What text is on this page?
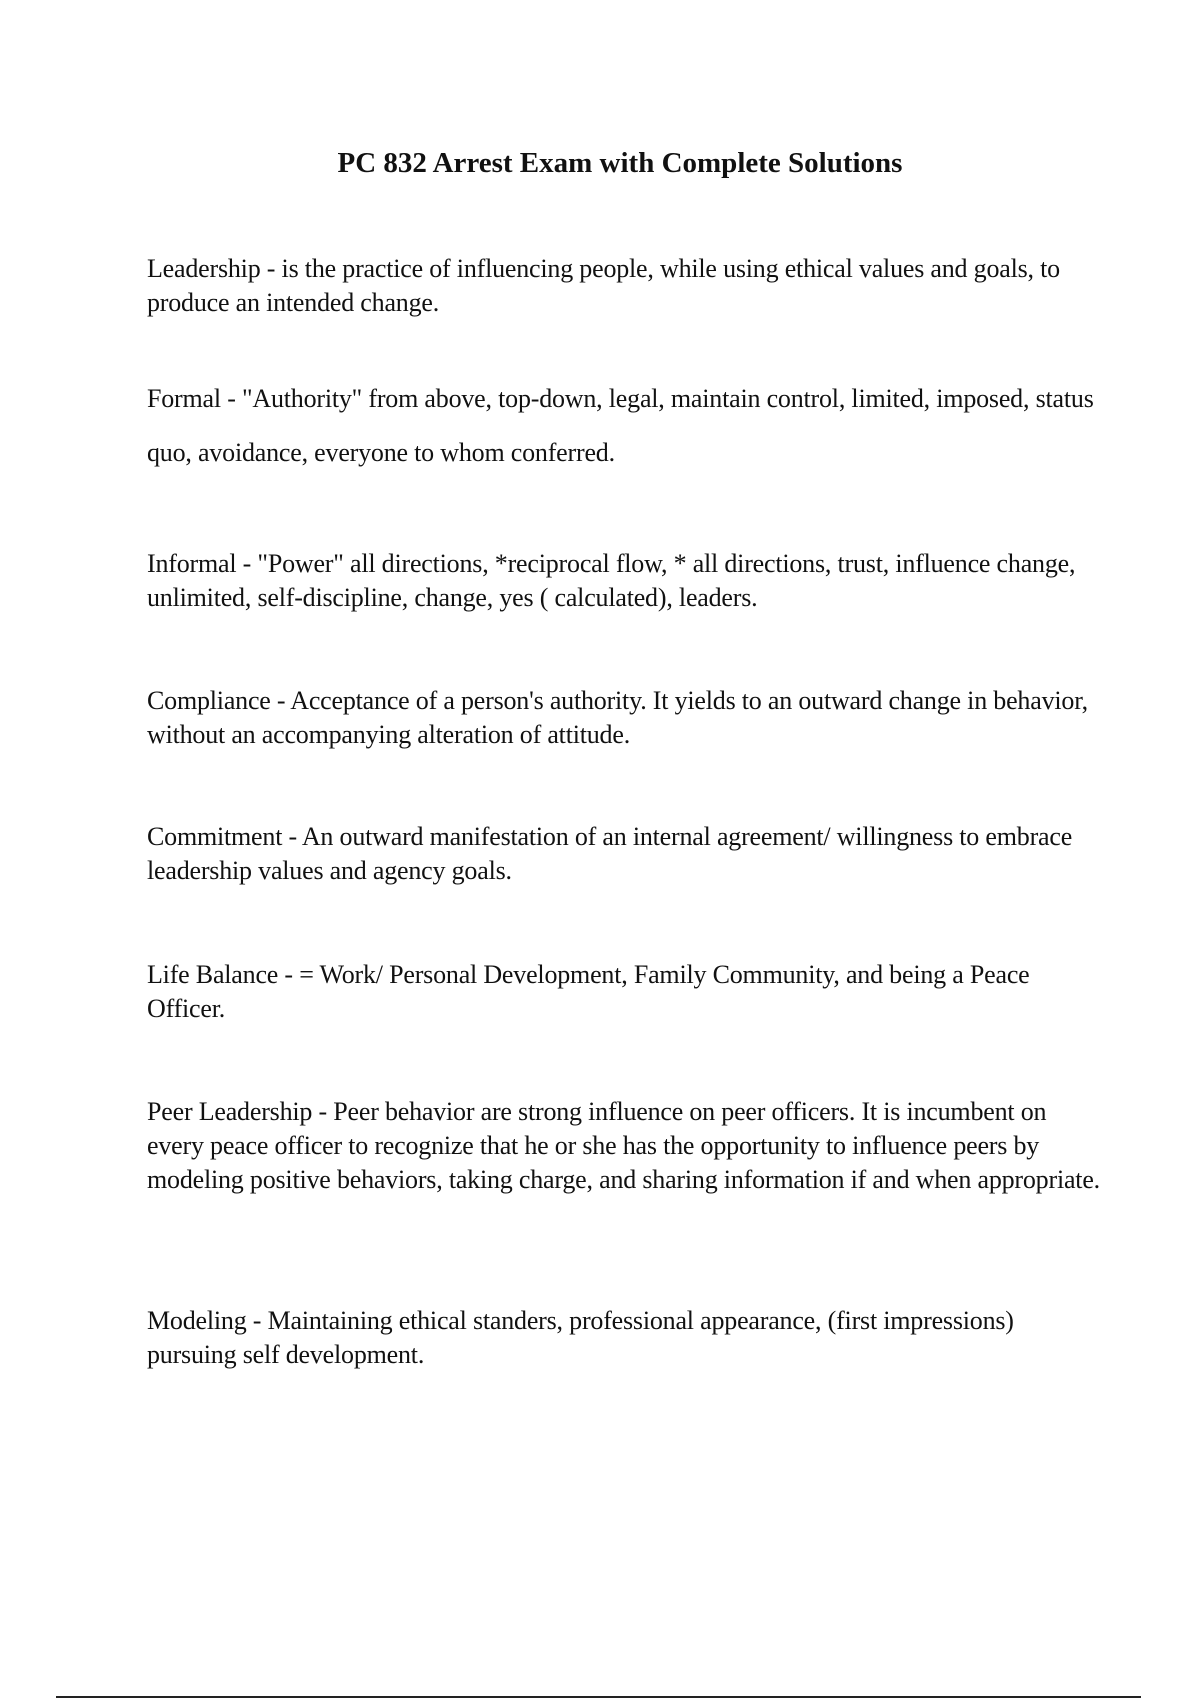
PC 832 Arrest Exam with Complete Solutions

Leadership - is the practice of influencing people, while using ethical values and goals, to produce an intended change.

Formal - "Authority" from above, top-down, legal, maintain control, limited, imposed, status quo, avoidance, everyone to whom conferred.

Informal - "Power" all directions, *reciprocal flow, * all directions, trust, influence change, unlimited, self-discipline, change, yes ( calculated), leaders.

Compliance - Acceptance of a person's authority. It yields to an outward change in behavior, without an accompanying alteration of attitude.

Commitment - An outward manifestation of an internal agreement/ willingness to embrace leadership values and agency goals.

Life Balance - = Work/ Personal Development, Family Community, and being a Peace Officer.

Peer Leadership - Peer behavior are strong influence on peer officers. It is incumbent on every peace officer to recognize that he or she has the opportunity to influence peers by modeling positive behaviors, taking charge, and sharing information if and when appropriate.

Modeling - Maintaining ethical standers, professional appearance, (first impressions) pursuing self development.
